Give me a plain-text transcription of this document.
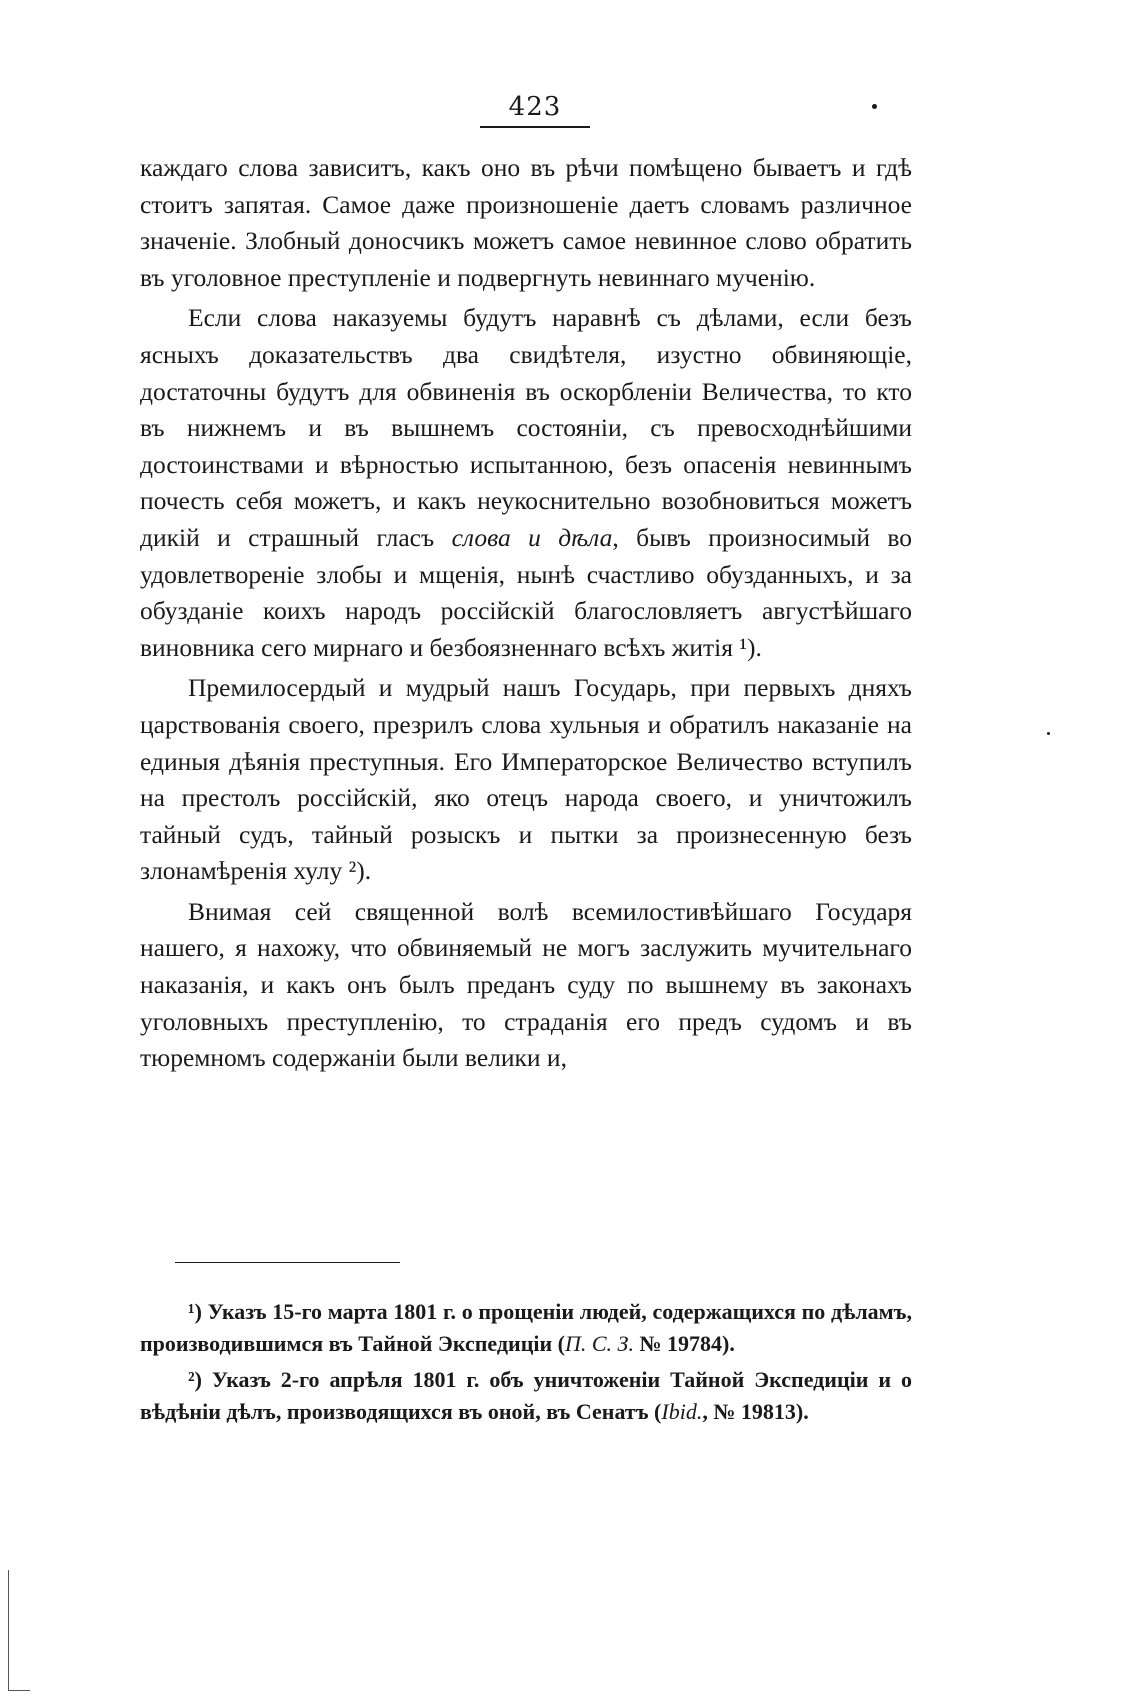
423

каждаго слова зависитъ, какъ оно въ рѣчи помѣщено бываетъ и гдѣ стоитъ запятая. Самое даже произношеніе даетъ словамъ различное значеніе. Злобный доносчикъ можетъ самое невинное слово обратить въ уголовное преступленіе и подвергнуть невиннаго мученію.

Если слова наказуемы будутъ наравнѣ съ дѣлами, если безъ ясныхъ доказательствъ два свидѣтеля, изустно обвиняющіе, достаточны будутъ для обвиненія въ оскорбленіи Величества, то кто въ нижнемъ и въ вышнемъ состояніи, съ превосходнѣйшими достоинствами и вѣрностью испытанною, безъ опасенія невиннымъ почесть себя можетъ, и какъ неукоснительно возобновиться можетъ дикій и страшный гласъ слова и дѣла, бывъ произносимый во удовлетвореніе злобы и мщенія, нынѣ счастливо обузданныхъ, и за обузданіе коихъ народъ россійскій благословляетъ августѣйшаго виновника сего мирнаго и безбоязненнаго всѣхъ житія ¹).

Премилосердый и мудрый нашъ Государь, при первыхъ дняхъ царствованія своего, презрилъ слова хульныя и обратилъ наказаніе на единыя дѣянія преступныя. Его Императорское Величество вступилъ на престолъ россійскій, яко отецъ народа своего, и уничтожилъ тайный судъ, тайный розыскъ и пытки за произнесенную безъ злонамѣренія хулу ²).

Внимая сей священной волѣ всемилостивѣйшаго Государя нашего, я нахожу, что обвиняемый не могъ заслужить мучительнаго наказанія, и какъ онъ былъ преданъ суду по вышнему въ законахъ уголовныхъ преступленію, то страданія его предъ судомъ и въ тюремномъ содержаніи были велики и,

¹) Указъ 15-го марта 1801 г. о прощеніи людей, содержащихся по дѣламъ, производившимся въ Тайной Экспедиціи (П. С. З. № 19784).

²) Указъ 2-го апрѣля 1801 г. объ уничтоженіи Тайной Экспедиціи и о вѣдѣніи дѣлъ, производящихся въ оной, въ Сенатъ (Ibid., № 19813).
